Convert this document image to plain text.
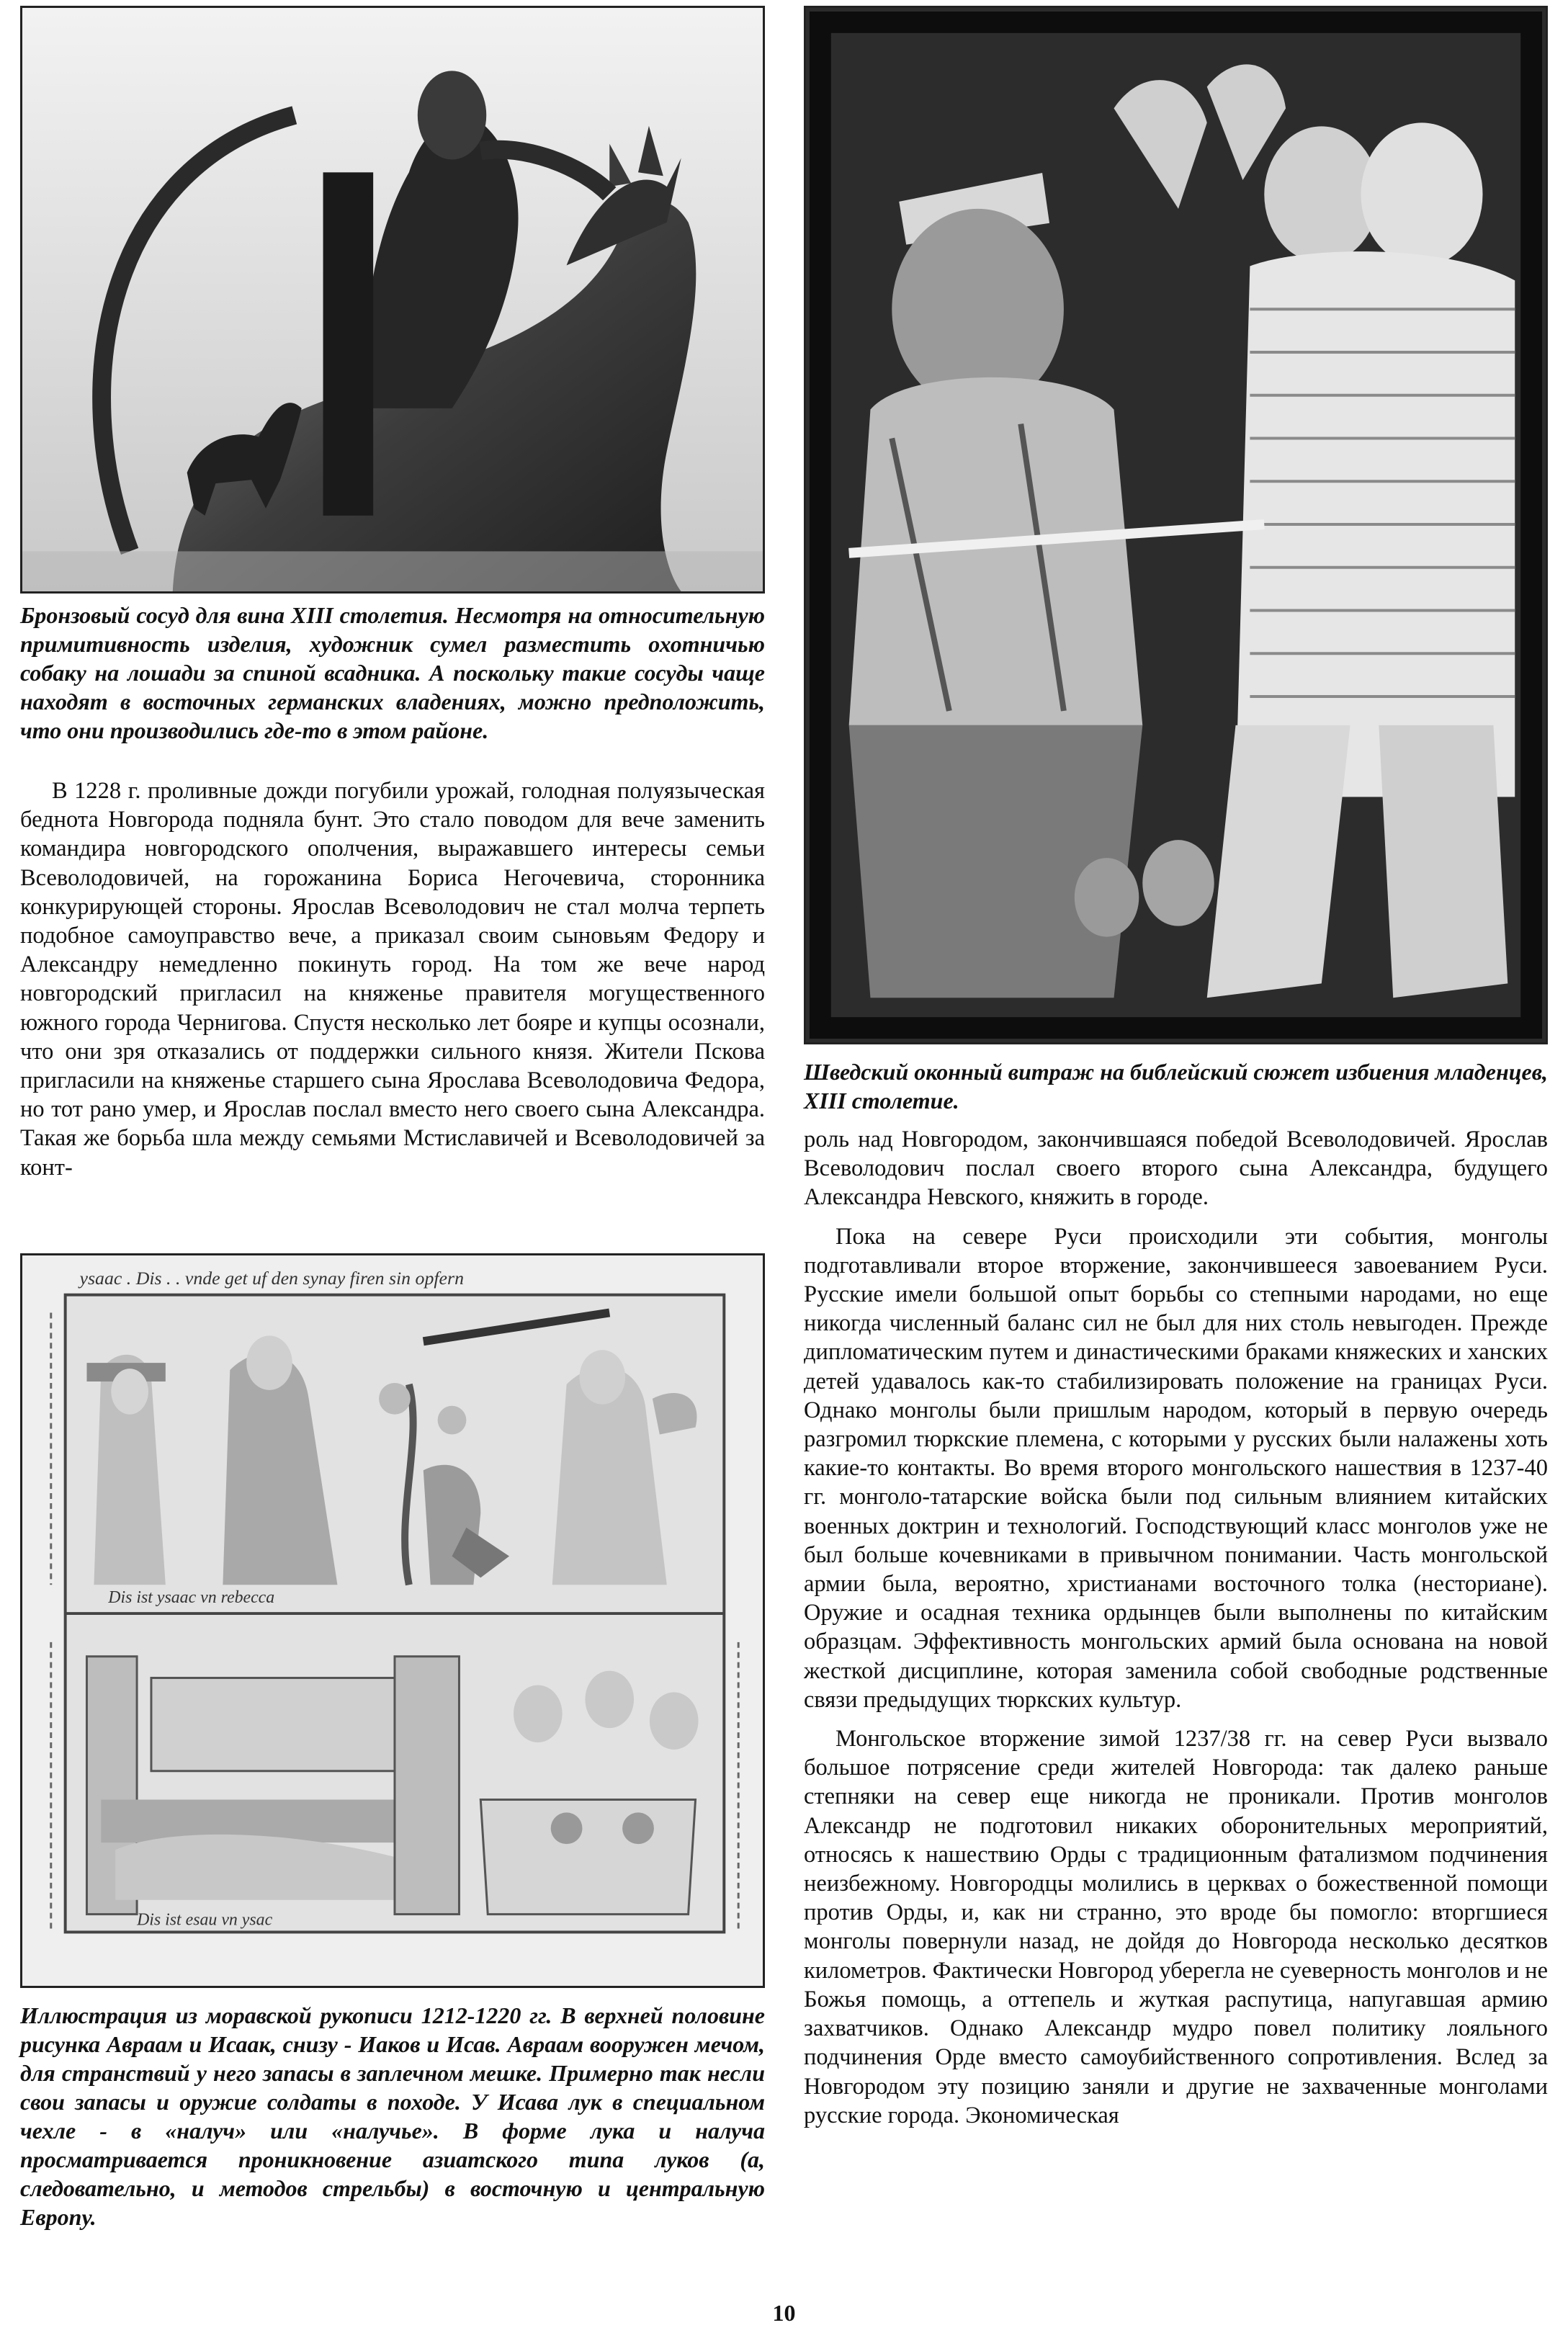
Бронзовый сосуд для вина XIII столетия. Несмотря на относительную примитивность изделия, художник сумел разместить охотничью собаку на лошади за спиной всадника. А поскольку такие сосуды чаще находят в восточных германских владениях, можно предположить, что они производились где-то в этом районе.

В 1228 г. проливные дожди погубили урожай, голодная полуязыческая беднота Новгорода подняла бунт. Это стало поводом для вече заменить командира новгородского ополчения, выражавшего интересы семьи Всеволодовичей, на горожанина Бориса Негочевича, сторонника конкурирующей стороны. Ярослав Всеволодович не стал молча терпеть подобное самоуправство вече, а приказал своим сыновьям Федору и Александру немедленно покинуть город. На том же вече народ новгородский пригласил на княженье правителя могущественного южного города Чернигова. Спустя несколько лет бояре и купцы осознали, что они зря отказались от поддержки сильного князя. Жители Пскова пригласили на княженье старшего сына Ярослава Всеволодовича Федора, но тот рано умер, и Ярослав послал вместо него своего сына Александра. Такая же борьба шла между семьями Мстиславичей и Всеволодовичей за конт-

Шведский оконный витраж на библейский сюжет избиения младенцев, XIII столетие.

роль над Новгородом, закончившаяся победой Всеволодовичей. Ярослав Всеволодович послал своего второго сына Александра, будущего Александра Невского, княжить в городе.

Пока на севере Руси происходили эти события, монголы подготавливали второе вторжение, закончившееся завоеванием Руси. Русские имели большой опыт борьбы со степными народами, но еще никогда численный баланс сил не был для них столь невыгоден. Прежде дипломатическим путем и династическими браками княжеских и ханских детей удавалось как-то стабилизировать положение на границах Руси. Однако монголы были пришлым народом, который в первую очередь разгромил тюркские племена, с которыми у русских были налажены хоть какие-то контакты. Во время второго монгольского нашествия в 1237-40 гг. монголо-татарские войска были под сильным влиянием китайских военных доктрин и технологий. Господствующий класс монголов уже не был больше кочевниками в привычном понимании. Часть монгольской армии была, вероятно, христианами восточного толка (несториане). Оружие и осадная техника ордынцев были выполнены по китайским образцам. Эффективность монгольских армий была основана на новой жесткой дисциплине, которая заменила собой свободные родственные связи предыдущих тюркских культур.

Монгольское вторжение зимой 1237/38 гг. на север Руси вызвало большое потрясение среди жителей Новгорода: так далеко раньше степняки на север еще никогда не проникали. Против монголов Александр не подготовил никаких оборонительных мероприятий, относясь к нашествию Орды с традиционным фатализмом подчинения неизбежному. Новгородцы молились в церквах о божественной помощи против Орды, и, как ни странно, это вроде бы помогло: вторгшиеся монголы повернули назад, не дойдя до Новгорода несколько десятков километров. Фактически Новгород уберегла не суеверность монголов и не Божья помощь, а оттепель и жуткая распутица, напугавшая армию захватчиков. Однако Александр мудро повел политику лояльного подчинения Орде вместо самоубийственного сопротивления. Вслед за Новгородом эту позицию заняли и другие не захваченные монголами русские города. Экономическая

ysaac . Dis . . vnde get uf den synay firen sin opfern
Dis ist ysaac vn rebecca
Dis ist esau vn ysac

Иллюстрация из моравской рукописи 1212-1220 гг. В верхней половине рисунка Авраам и Исаак, снизу - Иаков и Исав. Авраам вооружен мечом, для странствий у него запасы в заплечном мешке. Примерно так несли свои запасы и оружие солдаты в походе. У Исава лук в специальном чехле - в «налуч» или «налучье». В форме лука и налуча просматривается проникновение азиатского типа луков (а, следовательно, и методов стрельбы) в восточную и центральную Европу.

10
